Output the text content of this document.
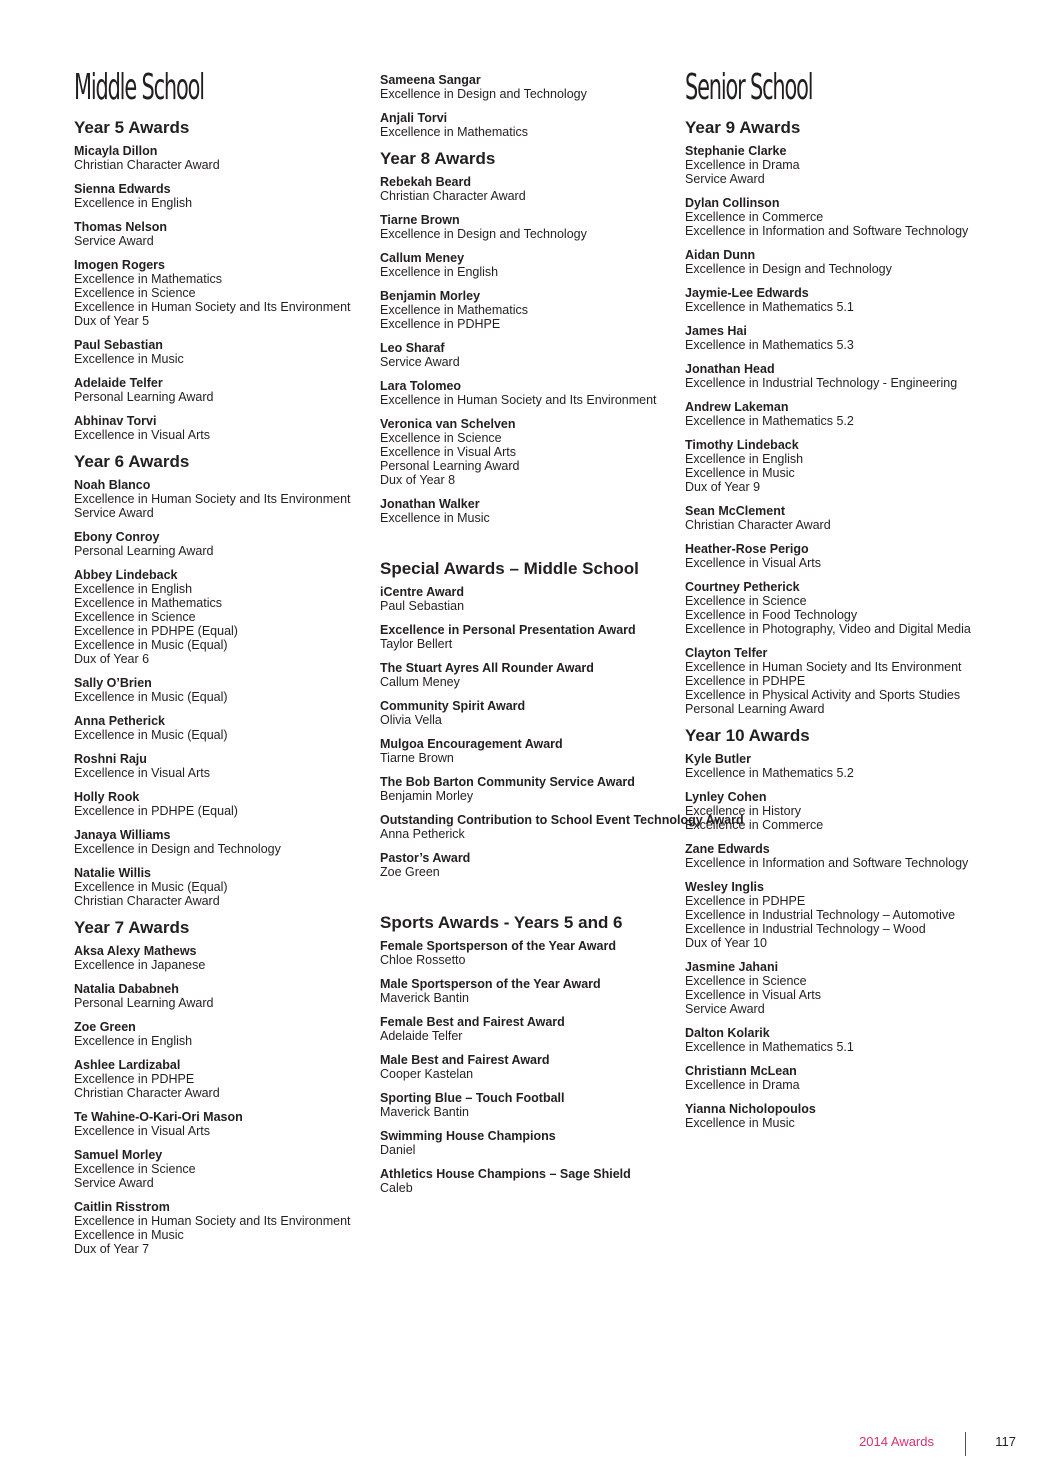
Middle School
Year 5 Awards
Micayla Dillon
Christian Character Award
Sienna Edwards
Excellence in English
Thomas Nelson
Service Award
Imogen Rogers
Excellence in Mathematics
Excellence in Science
Excellence in Human Society and Its Environment
Dux of Year 5
Paul Sebastian
Excellence in Music
Adelaide Telfer
Personal Learning Award
Abhinav Torvi
Excellence in Visual Arts
Year 6 Awards
Noah Blanco
Excellence in Human Society and Its Environment
Service Award
Ebony Conroy
Personal Learning Award
Abbey Lindeback
Excellence in English
Excellence in Mathematics
Excellence in Science
Excellence in PDHPE (Equal)
Excellence in Music (Equal)
Dux of Year 6
Sally O’Brien
Excellence in Music (Equal)
Anna Petherick
Excellence in Music (Equal)
Roshni Raju
Excellence in Visual Arts
Holly Rook
Excellence in PDHPE (Equal)
Janaya Williams
Excellence in Design and Technology
Natalie Willis
Excellence in Music (Equal)
Christian Character Award
Year 7 Awards
Aksa Alexy Mathews
Excellence in Japanese
Natalia Dababneh
Personal Learning Award
Zoe Green
Excellence in English
Ashlee Lardizabal
Excellence in PDHPE
Christian Character Award
Te Wahine-O-Kari-Ori Mason
Excellence in Visual Arts
Samuel Morley
Excellence in Science
Service Award
Caitlin Risstrom
Excellence in Human Society and Its Environment
Excellence in Music
Dux of Year 7
Sameena Sangar
Excellence in Design and Technology
Anjali Torvi
Excellence in Mathematics
Year 8 Awards
Rebekah Beard
Christian Character Award
Tiarne Brown
Excellence in Design and Technology
Callum Meney
Excellence in English
Benjamin Morley
Excellence in Mathematics
Excellence in PDHPE
Leo Sharaf
Service Award
Lara Tolomeo
Excellence in Human Society and Its Environment
Veronica van Schelven
Excellence in Science
Excellence in Visual Arts
Personal Learning Award
Dux of Year 8
Jonathan Walker
Excellence in Music
Special Awards – Middle School
iCentre Award
Paul Sebastian
Excellence in Personal Presentation Award
Taylor Bellert
The Stuart Ayres All Rounder Award
Callum Meney
Community Spirit Award
Olivia Vella
Mulgoa Encouragement Award
Tiarne Brown
The Bob Barton Community Service Award
Benjamin Morley
Outstanding Contribution to School Event Technology Award
Anna Petherick
Pastor’s Award
Zoe Green
Sports Awards - Years 5 and 6
Female Sportsperson of the Year Award
Chloe Rossetto
Male Sportsperson of the Year Award
Maverick Bantin
Female Best and Fairest Award
Adelaide Telfer
Male Best and Fairest Award
Cooper Kastelan
Sporting Blue – Touch Football
Maverick Bantin
Swimming House Champions
Daniel
Athletics House Champions – Sage Shield
Caleb
Senior School
Year 9 Awards
Stephanie Clarke
Excellence in Drama
Service Award
Dylan Collinson
Excellence in Commerce
Excellence in Information and Software Technology
Aidan Dunn
Excellence in Design and Technology
Jaymie-Lee Edwards
Excellence in Mathematics 5.1
James Hai
Excellence in Mathematics 5.3
Jonathan Head
Excellence in Industrial Technology - Engineering
Andrew Lakeman
Excellence in Mathematics 5.2
Timothy Lindeback
Excellence in English
Excellence in Music
Dux of Year 9
Sean McClement
Christian Character Award
Heather-Rose Perigo
Excellence in Visual Arts
Courtney Petherick
Excellence in Science
Excellence in Food Technology
Excellence in Photography, Video and Digital Media
Clayton Telfer
Excellence in Human Society and Its Environment
Excellence in PDHPE
Excellence in Physical Activity and Sports Studies
Personal Learning Award
Year 10 Awards
Kyle Butler
Excellence in Mathematics 5.2
Lynley Cohen
Excellence in History
Excellence in Commerce
Zane Edwards
Excellence in Information and Software Technology
Wesley Inglis
Excellence in PDHPE
Excellence in Industrial Technology – Automotive
Excellence in Industrial Technology – Wood
Dux of Year 10
Jasmine Jahani
Excellence in Science
Excellence in Visual Arts
Service Award
Dalton Kolarik
Excellence in Mathematics 5.1
Christiann McLean
Excellence in Drama
Yianna Nicholopoulos
Excellence in Music
2014 Awards	117
